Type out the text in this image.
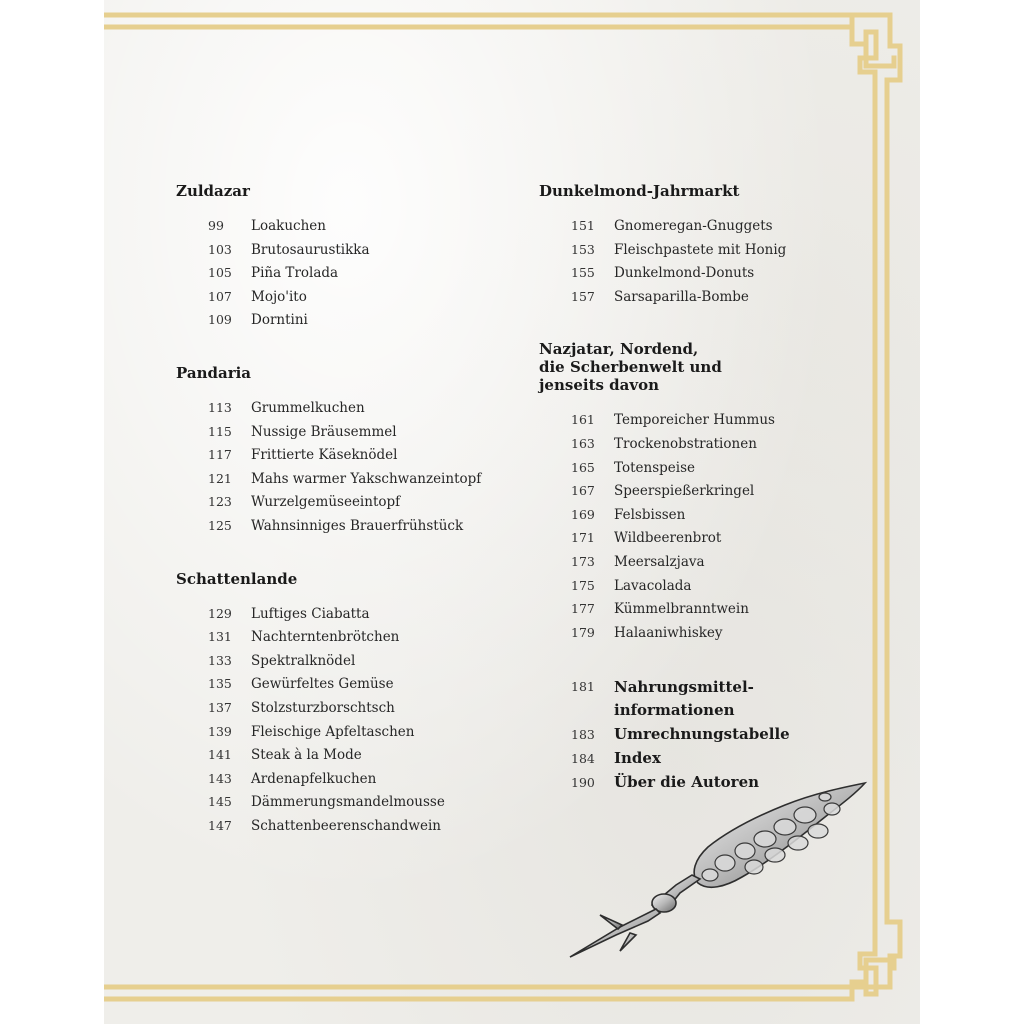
Zuldazar
99	Loakuchen
103	Brutosaurustikka
105	Piña Trolada
107	Mojo'ito
109	Dorntini
Pandaria
113	Grummelkuchen
115	Nussige Bräusemmel
117	Frittierte Käseknödel
121	Mahs warmer Yakschwanzeintopf
123	Wurzelgemüseeintopf
125	Wahnsinniges Brauerfrühstück
Schattenlande
129	Luftiges Ciabatta
131	Nachterntenbrötchen
133	Spektralknödel
135	Gewürfeltes Gemüse
137	Stolzsturzborschtsch
139	Fleischige Apfeltaschen
141	Steak à la Mode
143	Ardenapfelkuchen
145	Dämmerungsmandelmousse
147	Schattenbeerenschandwein
Dunkelmond-Jahrmarkt
151	Gnomeregan-Gnuggets
153	Fleischpastete mit Honig
155	Dunkelmond-Donuts
157	Sarsaparilla-Bombe
Nazjatar, Nordend,
die Scherbenwelt und
jenseits davon
161	Temporeicher Hummus
163	Trockenobstrationen
165	Totenspeise
167	Speerspießerkringel
169	Felsbissen
171	Wildbeerenbrot
173	Meersalzjava
175	Lavacolada
177	Kümmelbranntwein
179	Halaaniwhiskey
181	Nahrungsmittel-informationen
183	Umrechnungstabelle
184	Index
190	Über die Autoren
